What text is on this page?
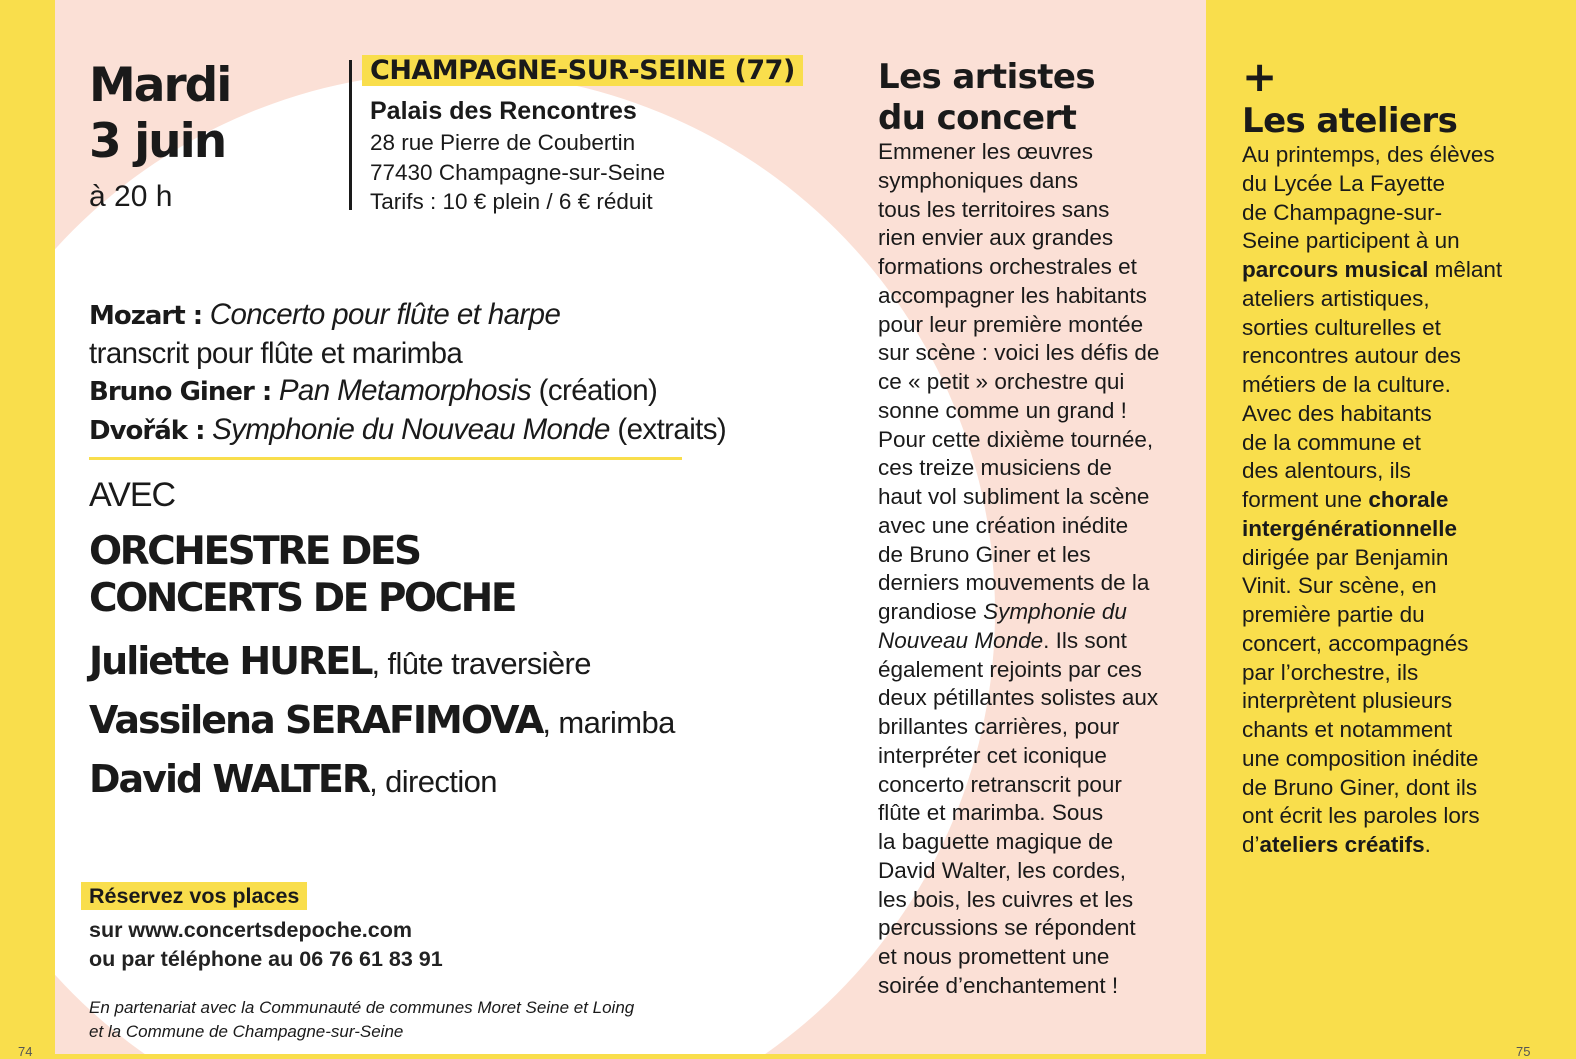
Mardi
3 juin
à 20 h
CHAMPAGNE-SUR-SEINE (77)
Palais des Rencontres
28 rue Pierre de Coubertin
77430 Champagne-sur-Seine
Tarifs : 10 € plein / 6 € réduit
Mozart : Concerto pour flûte et harpe
transcrit pour flûte et marimba
Bruno Giner : Pan Metamorphosis (création)
Dvořák : Symphonie du Nouveau Monde (extraits)
AVEC
ORCHESTRE DES
CONCERTS DE POCHE
Juliette HUREL, flûte traversière
Vassilena SERAFIMOVA, marimba
David WALTER, direction
Réservez vos places
sur www.concertsdepoche.com
ou par téléphone au 06 76 61 83 91
En partenariat avec la Communauté de communes Moret Seine et Loing
et la Commune de Champagne-sur-Seine
Les artistes
du concert
Emmener les œuvres
symphoniques dans
tous les territoires sans
rien envier aux grandes
formations orchestrales et
accompagner les habitants
pour leur première montée
sur scène : voici les défis de
ce « petit » orchestre qui
sonne comme un grand !
Pour cette dixième tournée,
ces treize musiciens de
haut vol subliment la scène
avec une création inédite
de Bruno Giner et les
derniers mouvements de la
grandiose Symphonie du
Nouveau Monde. Ils sont
également rejoints par ces
deux pétillantes solistes aux
brillantes carrières, pour
interpréter cet iconique
concerto retranscrit pour
flûte et marimba. Sous
la baguette magique de
David Walter, les cordes,
les bois, les cuivres et les
percussions se répondent
et nous promettent une
soirée d’enchantement !
+
Les ateliers
Au printemps, des élèves
du Lycée La Fayette
de Champagne-sur-
Seine participent à un
parcours musical mêlant
ateliers artistiques,
sorties culturelles et
rencontres autour des
métiers de la culture.
Avec des habitants
de la commune et
des alentours, ils
forment une chorale
intergénérationnelle
dirigée par Benjamin
Vinit. Sur scène, en
première partie du
concert, accompagnés
par l’orchestre, ils
interprètent plusieurs
chants et notamment
une composition inédite
de Bruno Giner, dont ils
ont écrit les paroles lors
d’ateliers créatifs.
74	75
